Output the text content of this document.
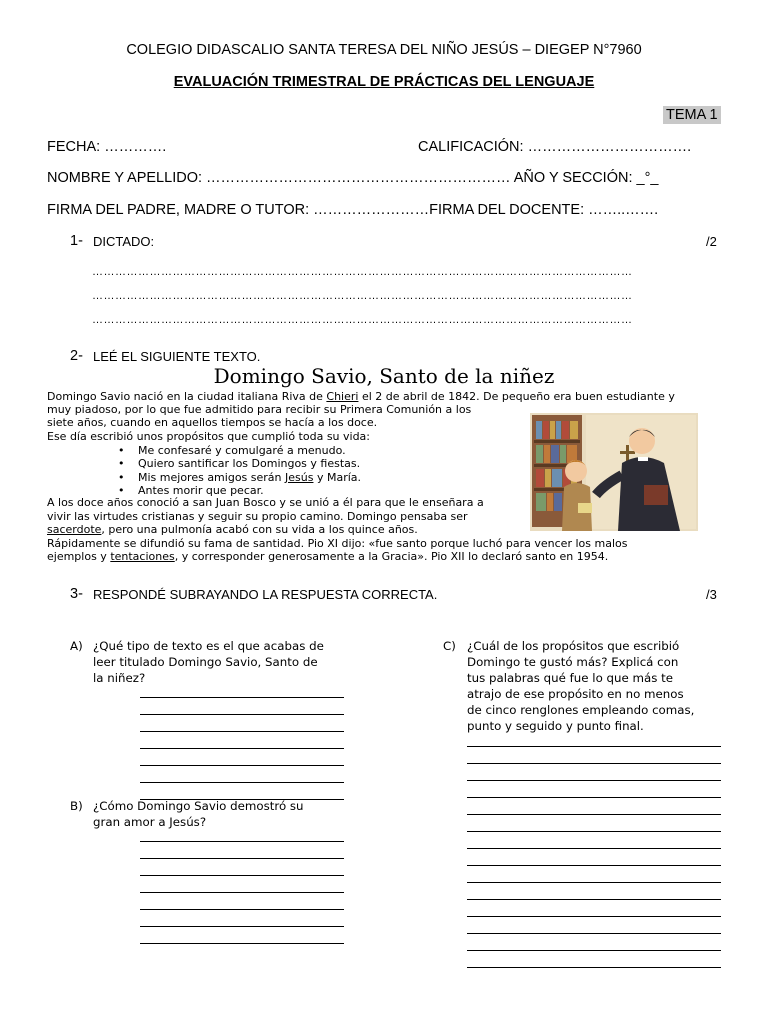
COLEGIO DIDASCALIO SANTA TERESA DEL NIÑO JESÚS – DIEGEP N°7960
EVALUACIÓN TRIMESTRAL DE PRÁCTICAS DEL LENGUAJE
TEMA 1
FECHA: ………….	CALIFICACIÓN: …………………………….
NOMBRE Y APELLIDO: ……………………………………………………… AÑO Y SECCIÓN: _°_
FIRMA DEL PADRE, MADRE O TUTOR: ……………………FIRMA DEL DOCENTE: ……..…….
1- DICTADO:	/2
……………………………………………………………………………………………………………………………
……………………………………………………………………………………………………………………………
……………………………………………………………………………………………………………………………
2- LEÉ EL SIGUIENTE TEXTO.
Domingo Savio, Santo de la niñez
Domingo Savio nació en la ciudad italiana Riva de Chieri el 2 de abril de 1842. De pequeño era buen estudiante y
muy piadoso, por lo que fue admitido para recibir su Primera Comunión a los
siete años, cuando en aquellos tiempos se hacía a los doce.
Ese día escribió unos propósitos que cumplió toda su vida:
• Me confesaré y comulgaré a menudo.
• Quiero santificar los Domingos y fiestas.
• Mis mejores amigos serán Jesús y María.
• Antes morir que pecar.
A los doce años conoció a san Juan Bosco y se unió a él para que le enseñara a
vivir las virtudes cristianas y seguir su propio camino. Domingo pensaba ser
sacerdote, pero una pulmonía acabó con su vida a los quince años.
Rápidamente se difundió su fama de santidad. Pio XI dijo: «fue santo porque luchó para vencer los malos
ejemplos y tentaciones, y corresponder generosamente a la Gracia». Pio XII lo declaró santo en 1954.
3- RESPONDÉ SUBRAYANDO LA RESPUESTA CORRECTA.	/3
A) ¿Qué tipo de texto es el que acabas de
leer titulado Domingo Savio, Santo de
la niñez?
B) ¿Cómo Domingo Savio demostró su
gran amor a Jesús?
C) ¿Cuál de los propósitos que escribió
Domingo te gustó más? Explicá con
tus palabras qué fue lo que más te
atrajo de ese propósito en no menos
de cinco renglones empleando comas,
punto y seguido y punto final.
